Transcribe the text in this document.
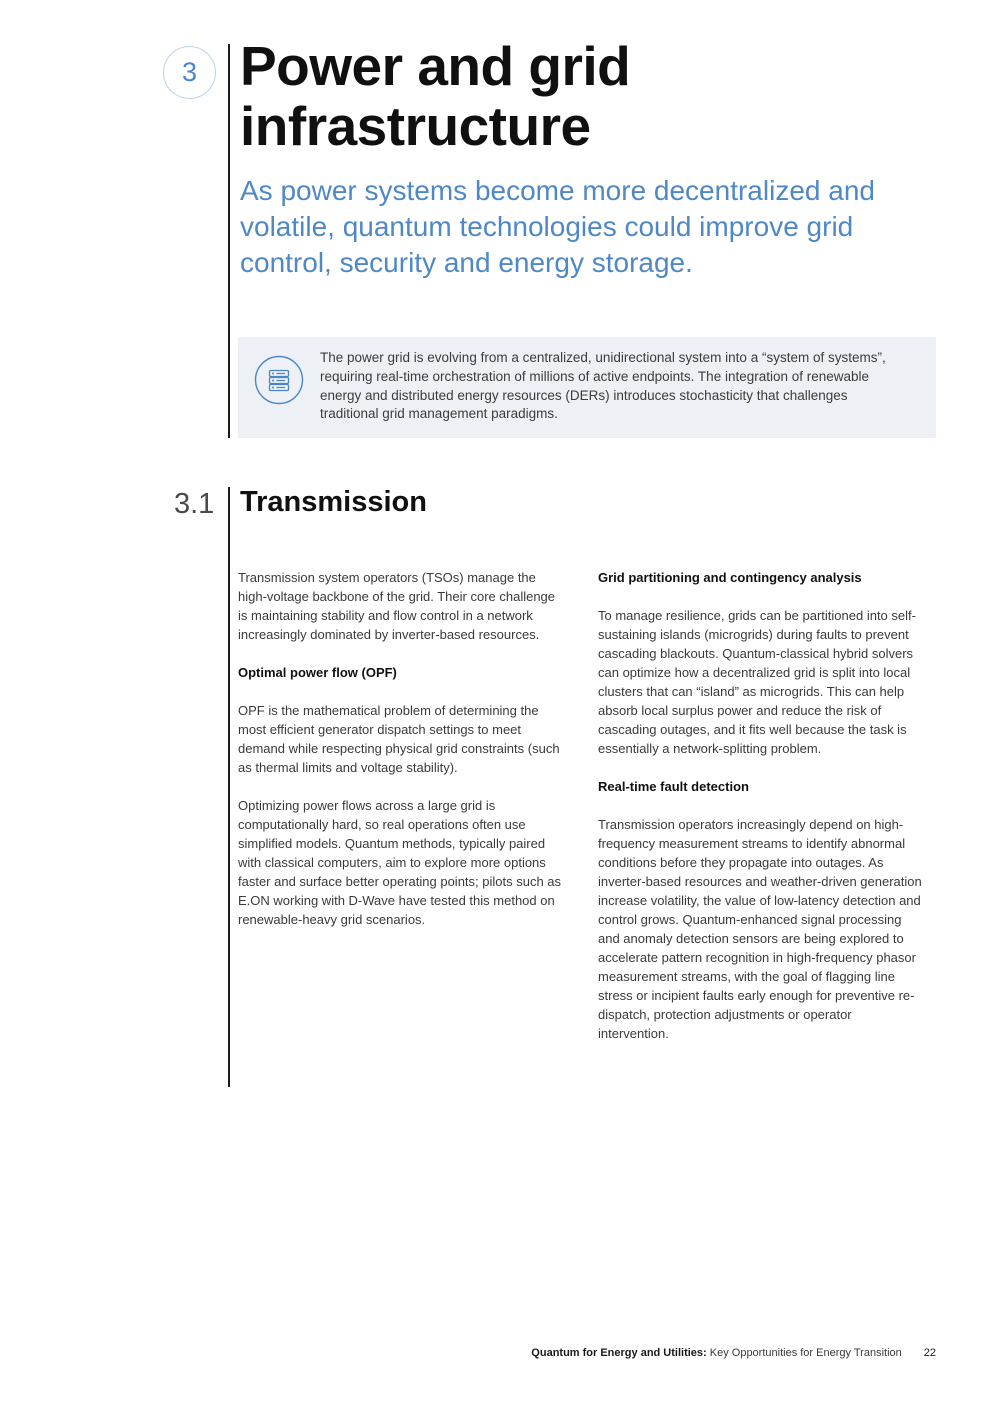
3 Power and grid
infrastructure
As power systems become more decentralized and volatile, quantum technologies could improve grid control, security and energy storage.
The power grid is evolving from a centralized, unidirectional system into a “system of systems”, requiring real-time orchestration of millions of active endpoints. The integration of renewable energy and distributed energy resources (DERs) introduces stochasticity that challenges traditional grid management paradigms.
3.1 Transmission

Transmission system operators (TSOs) manage the high-voltage backbone of the grid. Their core challenge is maintaining stability and flow control in a network increasingly dominated by inverter-based resources.

Optimal power flow (OPF)

OPF is the mathematical problem of determining the most efficient generator dispatch settings to meet demand while respecting physical grid constraints (such as thermal limits and voltage stability).

Optimizing power flows across a large grid is computationally hard, so real operations often use simplified models. Quantum methods, typically paired with classical computers, aim to explore more options faster and surface better operating points; pilots such as E.ON working with D-Wave have tested this method on renewable-heavy grid scenarios.

Grid partitioning and contingency analysis

To manage resilience, grids can be partitioned into self-sustaining islands (microgrids) during faults to prevent cascading blackouts. Quantum-classical hybrid solvers can optimize how a decentralized grid is split into local clusters that can “island” as microgrids. This can help absorb local surplus power and reduce the risk of cascading outages, and it fits well because the task is essentially a network-splitting problem.

Real-time fault detection

Transmission operators increasingly depend on high-frequency measurement streams to identify abnormal conditions before they propagate into outages. As inverter-based resources and weather-driven generation increase volatility, the value of low-latency detection and control grows. Quantum-enhanced signal processing and anomaly detection sensors are being explored to accelerate pattern recognition in high-frequency phasor measurement streams, with the goal of flagging line stress or incipient faults early enough for preventive re-dispatch, protection adjustments or operator intervention.

Quantum for Energy and Utilities: Key Opportunities for Energy Transition 22
